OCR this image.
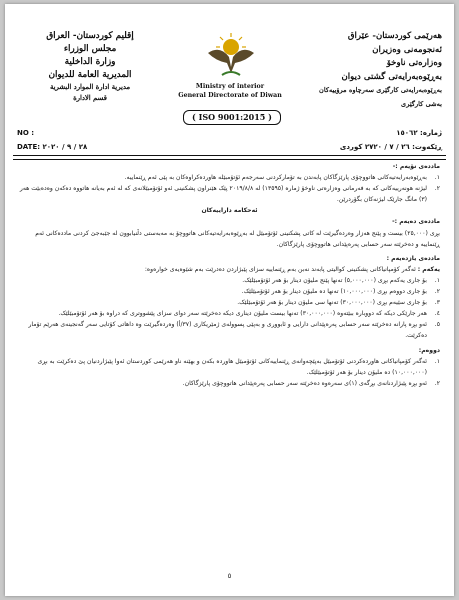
هەرێمی کوردستان- عێراق
ئەنجومەنی وەزیران
وەزارەتی ناوخۆ
بەڕێوەبەرایەتی گشتی دیوان
بەڕێوەبەرایەتی کارگێری سەرچاوە مرۆییەکان
بەشی کارگێری
إقليم كوردستان- العراق
مجلس الوزراء
وزارة الداخلية
المديرية العامة للديوان
مديرية ادارة الموارد البشرية
قسم الادارة
Ministry of interior
General Directorate of Diwan
( ISO 9001:2015 )
NO :
DATE: ۲۰۲۰ / ۹ / ۲۸
ژمارە: ١٥٠٦٢
ڕێکەوت: ٢٦ / ٧ / ٢٧٢٠ کوردی

ماددەی نۆیەم :-

١.
بەڕێوەبەرایەتیەکانی هاتووچۆی پارێزگاکان پابەندن بە تۆمارکردنی سەرجەم ئۆتۆمبێلە هاوردەکراوەکان بە پێی ئەم ڕێنماییە.

٢.
لیژنە هونەرییەکانی کە بە فەرمانی وەزارەتی ناوخۆ ژمارە (١٣٥٩٥) لە ٢٠١٩/٨/٨ پێک هێنراون پشکنینی ئەو ئۆتۆمبێلانەی کە لە ئەم بەیانە هاتووە دەکەن وەدەبێت هەر (٣) مانگ جارێک لیژنەکان بگۆردرێن.

ئەحکامە داراییەکان

ماددەی دەیەم :-

بڕی (٢٥,٠٠٠) بیست و پێنج هەزار وەردەگیرێت لە کاتی پشکنینی ئۆتۆمبێل لە بەڕێوەبەرایەتیەکانی هاتووچۆ بە مەبەستی دڵنیابوون لە جێبەجێ کردنی ماددەکانی ئەم ڕێنماییە و دەخرێتە سەر حسابی پەرەپێدانی هاتووچۆی پارێزگاکان.

ماددەی یازدەیەم :

یەکەم : ئەگەر کۆمپانیاکانی پشکنینی کوالیتی پابەند نەبن بەم ڕێنماییە سزای پێبژاردن دەدرێت بەم شێوەیەی خوارەوە:

١.
بۆ جاری یەکەم بڕی (٥,٠٠٠,٠٠٠) تەنها پێنج ملیۆن دینار بۆ هەر ئۆتۆمبێلێک.

٢.
بۆ جاری دووەم بڕی (١٠,٠٠٠,٠٠٠) تەنها دە ملیۆن دینار بۆ هەر ئۆتۆمبێلێک.

٣.
بۆ جاری سێیەم بڕی (٣٠,٠٠٠,٠٠٠) تەنها سی ملیۆن دینار بۆ هەر ئۆتۆمبێلێک.

٤.
هەر جارێکی دیکە کە دووبارە ببێتەوە (٣٠,٠٠٠,٠٠٠) تەنها بیست ملیۆن دیناری دیکە دەخرێتە سەر دوای سزای پێشووتری کە دراوە بۆ هەر ئۆتۆمبێلێک.

٥.
ئەو بڕە پارانە دەخرێتە سەر حسابی پەرەپێدانی دارایی و ئابووری و بەپێی پسوولەی ژمێریکاری (٣٧/أ) وەردەگیرێت وە داهاتی کۆتایی سەر گەنجینەی هەرێم تۆمار دەکرێت.

دووەم:

١.
ئەگەر کۆمپانیاکانی هاوردەکردنی ئۆتۆمبێل بەپێچەوانەی ڕێنماییەکانی ئۆتۆمبێل هاوردە بکەن و بهێنە ناو هەرێمی کوردستان ئەوا پێبژاردنیان پێ دەکرێت بە بڕی (١٠,٠٠٠,٠٠٠) دە ملیۆن دینار بۆ هەر ئۆتۆمبێلێک.

٢.
ئەو بڕە پێبژاردنانەی بڕگەی (١)ی سەرەوە دەخرێتە سەر حسابی پەرەپێدانی هاتووچۆی پارێزگاکان.

٥
